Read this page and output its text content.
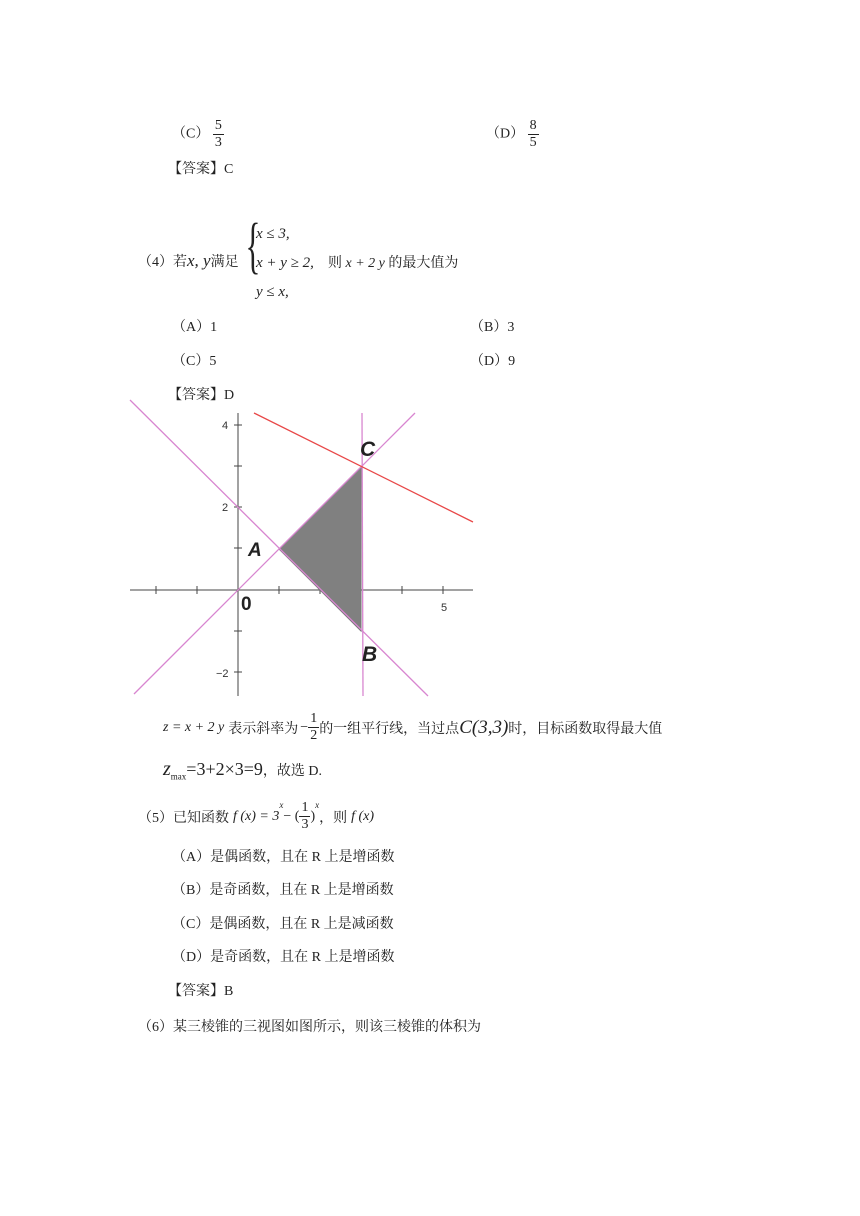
$(C) \frac{5}{3}$	$(D) \frac{8}{5}$
【答案】C
（4）若x, y满足 {
x ≤ 3,
x + y ≥ 2,
y ≤ x,
则 x + 2 y 的最大值为
（A）1	（B）3
（C）5	（D）9
【答案】D
4
2
−2
5
0
A
C
B
z = x + 2 y 表示斜率为 − $\frac{1}{2}$ 的一组平行线，当过点 C(3,3) 时，目标函数取得最大值
$z_{max}=3+2\times 3=9$，故选 D.
（5）已知函数 f (x) = 3
$^x$
− ( $\frac{1}{3}$ )
$^x$
，则 f (x)
（A）是偶函数，且在 R 上是增函数
（B）是奇函数，且在 R 上是增函数
（C）是偶函数，且在 R 上是减函数
（D）是奇函数，且在 R 上是增函数
【答案】B
（6）某三棱锥的三视图如图所示，则该三棱锥的体积为
